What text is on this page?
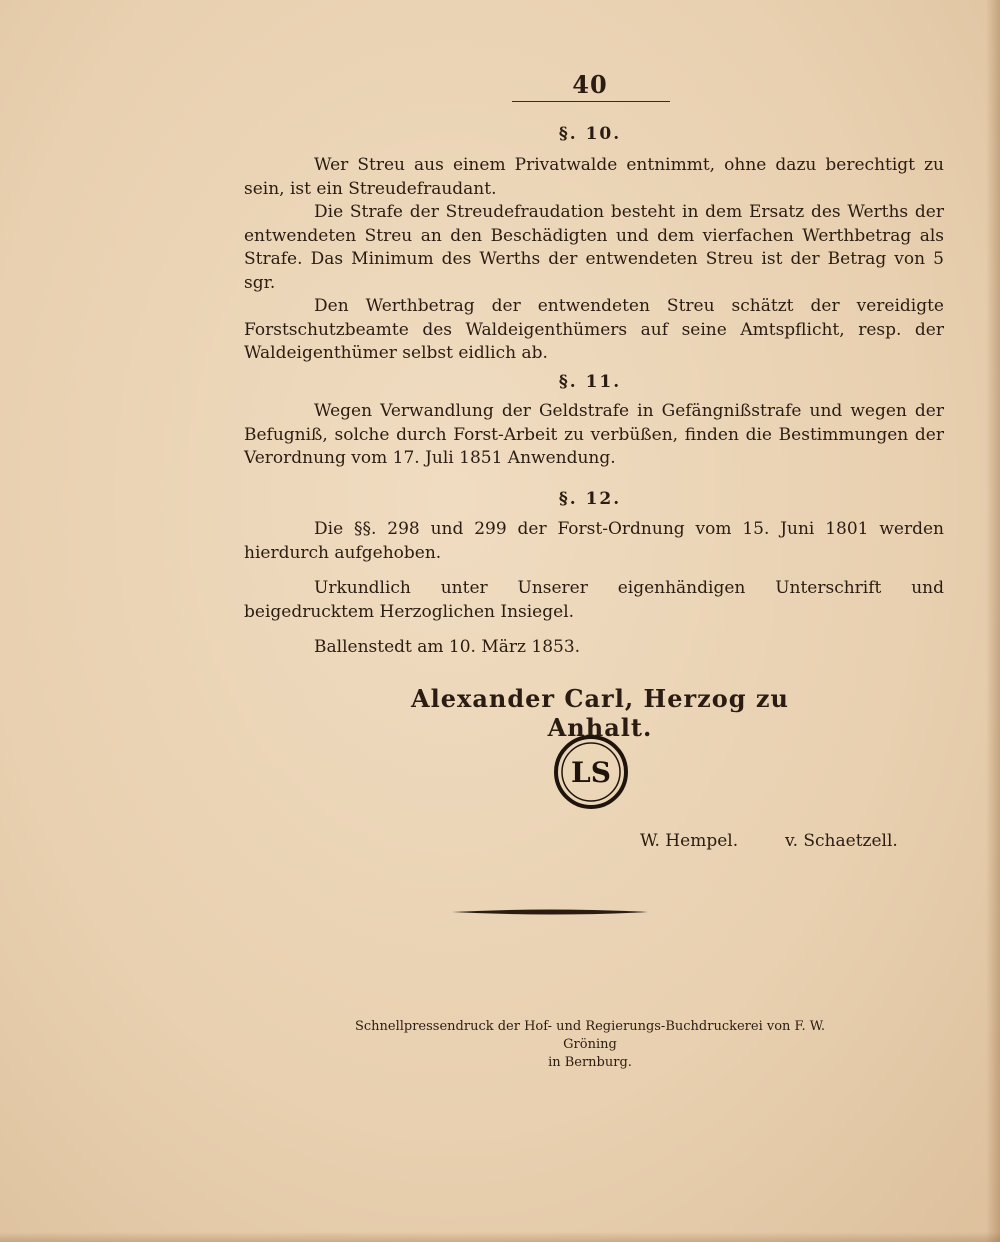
40
§. 10.

Wer Streu aus einem Privatwalde entnimmt, ohne dazu berechtigt zu sein, ist ein Streudefraudant.

Die Strafe der Streudefraudation besteht in dem Ersatz des Werths der entwendeten Streu an den Beschädigten und dem vierfachen Werthbetrag als Strafe. Das Minimum des Werths der entwendeten Streu ist der Betrag von 5 sgr.

Den Werthbetrag der entwendeten Streu schätzt der vereidigte Forstschutzbeamte des Waldeigenthümers auf seine Amtspflicht, resp. der Waldeigenthümer selbst eidlich ab.

§. 11.

Wegen Verwandlung der Geldstrafe in Gefängnißstrafe und wegen der Befugniß, solche durch Forst-Arbeit zu verbüßen, finden die Bestimmungen der Verordnung vom 17. Juli 1851 Anwendung.

§. 12.

Die §§. 298 und 299 der Forst-Ordnung vom 15. Juni 1801 werden hierdurch aufgehoben.

Urkundlich unter Unserer eigenhändigen Unterschrift und beigedrucktem Herzoglichen Insiegel.

Ballenstedt am 10. März 1853.

Alexander Carl, Herzog zu Anhalt.
LS
W. Hempel.	v. Schaetzell.
Schnellpressendruck der Hof- und Regierungs-Buchdruckerei von F. W. Gröning
in Bernburg.
